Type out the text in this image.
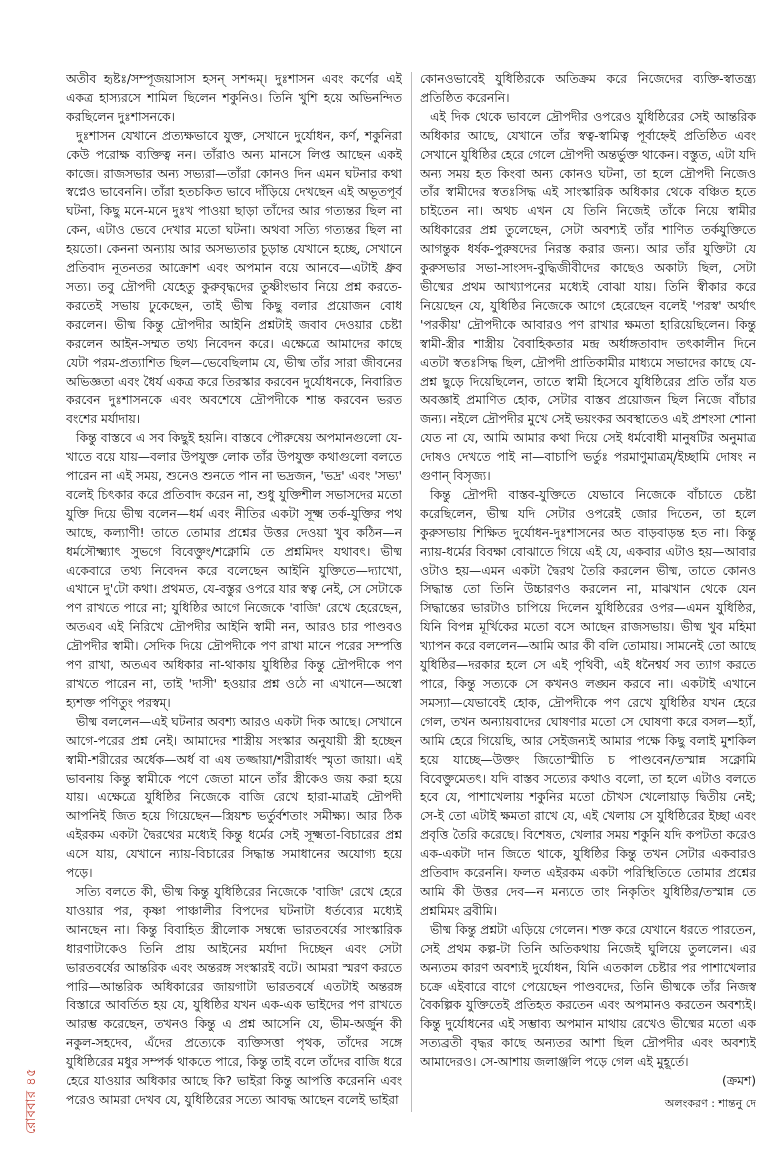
অতীব হৃষ্টঃ/সম্পূজয়াসাস হসন্ সশব্দম্। দুঃশাসন এবং কর্ণের এই একত্র হাস্যরসে শামিল ছিলেন শকুনিও। তিনি খুশি হয়ে অভিনন্দিত করছিলেন দুঃশাসনকে।

দুঃশাসন যেখানে প্রত্যক্ষভাবে যুক্ত, সেখানে দুর্যোধন, কর্ণ, শকুনিরা কেউ পরোক্ষ ব্যক্তিত্ব নন। তাঁরাও অন্য মানসে লিপ্ত আছেন একই কাজে। রাজসভার অন্য সভ্যরা—তাঁরা কোনও দিন এমন ঘটনার কথা স্বপ্নেও ভাবেননি। তাঁরা হতচকিত ভাবে দাঁড়িয়ে দেখছেন এই অভূতপূর্ব ঘটনা, কিছু মনে-মনে দুঃখ পাওয়া ছাড়া তাঁদের আর গত্যন্তর ছিল না কেন, এটাও ভেবে দেখার মতো ঘটনা। অথবা সত্যি গত্যন্তর ছিল না হয়তো। কেননা অন্যায় আর অসভ্যতার চূড়ান্ত যেখানে হচ্ছে, সেখানে প্রতিবাদ নূতনতর আক্রোশ এবং অপমান বয়ে আনবে—এটাই ধ্রুব সত্য। তবু দ্রৌপদী যেহেতু কুরুবৃদ্ধদের তুষ্ণীংভাব নিয়ে প্রশ্ন করতে-করতেই সভায় ঢুকেছেন, তাই ভীষ্ম কিছু বলার প্রয়োজন বোধ করলেন। ভীষ্ম কিন্তু দ্রৌপদীর আইনি প্রশ্নটাই জবাব দেওয়ার চেষ্টা করলেন আইন-সম্মত তথ্য নিবেদন করে। এক্ষেত্রে আমাদের কাছে যেটা পরম-প্রত্যাশিত ছিল—ভেবেছিলাম যে, ভীষ্ম তাঁর সারা জীবনের অভিজ্ঞতা এবং ধৈর্য একত্র করে তিরস্কার করবেন দুর্যোধনকে, নিবারিত করবেন দুঃশাসনকে এবং অবশেষে দ্রৌপদীকে শান্ত করবেন ভরত বংশের মর্যাদায়।

কিন্তু বাস্তবে এ সব কিছুই হয়নি। বাস্তবে পৌরুষেয় অপমানগুলো যে-খাতে বয়ে যায়—বলার উপযুক্ত লোক তাঁর উপযুক্ত কথাগুলো বলতে পারেন না এই সময়, শুনেও শুনতে পান না ভদ্রজন, 'ভদ্র' এবং 'সভ্য' বলেই চিৎকার করে প্রতিবাদ করেন না, শুধু যুক্তিশীল সভাসদের মতো যুক্তি দিয়ে ভীষ্ম বলেন—ধর্ম এবং নীতির একটা সূক্ষ্ম তর্ক-যুক্তির পথ আছে, কল্যাণী! তাতে তোমার প্রশ্নের উত্তর দেওয়া খুব কঠিন—ন ধর্মসৌক্ষ্ম্যাৎ সুভগে বিবেক্তুং/শক্নোমি তে প্রশ্নমিদং যথাবৎ। ভীষ্ম একেবারে তথ্য নিবেদন করে বলেছেন আইনি যুক্তিতে—দ্যাখো, এখানে দু'টো কথা। প্রথমত, যে-বস্তুর ওপরে যার স্বত্ব নেই, সে সেটাকে পণ রাখতে পারে না; যুধিষ্ঠির আগে নিজেকে 'বাজি' রেখে হেরেছেন, অতএব এই নিরিখে দ্রৌপদীর আইনি স্বামী নন, আরও চার পাণ্ডবও দ্রৌপদীর স্বামী। সেদিক দিয়ে দ্রৌপদীকে পণ রাখা মানে পরের সম্পত্তি পণ রাখা, অতএব অধিকার না-থাকায় যুধিষ্ঠির কিন্তু দ্রৌপদীকে পণ রাখতে পারেন না, তাই 'দাসী' হওয়ার প্রশ্ন ওঠে না এখানে—অস্বো হ্যশক্ত পণিতুং পরস্বম্।

ভীষ্ম বললেন—এই ঘটনার অবশ্য আরও একটা দিক আছে। সেখানে আগে-পরের প্রশ্ন নেই। আমাদের শাস্ত্রীয় সংস্কার অনুযায়ী স্ত্রী হচ্ছেন স্বামী-শরীরের অর্ধেক—অর্ধ বা এষ তজ্জায়া/শরীরার্ধং স্মৃতা জায়া। এই ভাবনায় কিন্তু স্বামীকে পণে জেতা মানে তাঁর স্ত্রীকেও জয় করা হয়ে যায়। এক্ষেত্রে যুধিষ্ঠির নিজেকে বাজি রেখে হারা-মাত্রই দ্রৌপদী আপনিই জিত হয়ে গিয়েছেন—স্ত্রিয়শ্চ ভর্তুর্বশতাং সমীক্ষ্য। আর ঠিক এইরকম একটা দ্বৈরথের মধ্যেই কিন্তু ধর্মের সেই সূক্ষ্মতা-বিচারের প্রশ্ন এসে যায়, যেখানে ন্যায়-বিচারের সিদ্ধান্ত সমাধানের অযোগ্য হয়ে পড়ে।

সত্যি বলতে কী, ভীষ্ম কিন্তু যুধিষ্ঠিরের নিজেকে 'বাজি' রেখে হেরে যাওয়ার পর, কৃষ্ণা পাঞ্চালীর বিপদের ঘটনাটা ধর্তব্যের মধ্যেই আনছেন না। কিন্তু বিবাহিত স্ত্রীলোক সম্বন্ধে ভারতবর্ষের সাংস্কারিক ধারণাটাকেও তিনি প্রায় আইনের মর্যাদা দিচ্ছেন এবং সেটা ভারতবর্ষের আন্তরিক এবং অন্তরঙ্গ সংস্কারই বটে। আমরা স্মরণ করতে পারি—আন্তরিক অধিকারের জায়গাটা ভারতবর্ষে এতটাই অন্তরঙ্গ বিস্তারে আবর্তিত হয় যে, যুধিষ্ঠির যখন এক-এক ভাইদের পণ রাখতে আরম্ভ করেছেন, তখনও কিন্তু এ প্রশ্ন আসেনি যে, ভীম-অর্জুন কী নকুল-সহদেব, এঁদের প্রত্যেকে ব্যক্তিসত্তা পৃথক, তাঁদের সঙ্গে যুধিষ্ঠিরের মধুর সম্পর্ক থাকতে পারে, কিন্তু তাই বলে তাঁদের বাজি ধরে হেরে যাওয়ার অধিকার আছে কি? ভাইরা কিন্তু আপত্তি করেননি এবং পরেও আমরা দেখব যে, যুধিষ্ঠিরের সত্যে আবদ্ধ আছেন বলেই ভাইরা

কোনওভাবেই যুধিষ্ঠিরকে অতিক্রম করে নিজেদের ব্যক্তি-স্বাতন্ত্র্য প্রতিষ্ঠিত করেননি।

এই দিক থেকে ভাবলে দ্রৌপদীর ওপরেও যুধিষ্ঠিরের সেই আন্তরিক অধিকার আছে, যেখানে তাঁর স্বত্ব-স্বামিত্ব পূর্বাহ্নেই প্রতিষ্ঠিত এবং সেখানে যুধিষ্ঠির হেরে গেলে দ্রৌপদী অন্তর্ভুক্ত থাকেন। বস্তুত, এটা যদি অন্য সময় হত কিংবা অন্য কোনও ঘটনা, তা হলে দ্রৌপদী নিজেও তাঁর স্বামীদের স্বতঃসিদ্ধ এই সাংস্কারিক অধিকার থেকে বঞ্চিত হতে চাইতেন না। অথচ এখন যে তিনি নিজেই তাঁকে নিয়ে স্বামীর অধিকারের প্রশ্ন তুলেছেন, সেটা অবশ্যই তাঁর শাণিত তর্কযুক্তিতে আগন্তুক ধর্ষক-পুরুষদের নিরস্ত করার জন্য। আর তাঁর যুক্তিটা যে কুরুসভার সভা-সাংসদ-বুদ্ধিজীবীদের কাছেও অকাট্য ছিল, সেটা ভীষ্মের প্রথম আখ্যাপনের মধ্যেই বোঝা যায়। তিনি স্বীকার করে নিয়েছেন যে, যুধিষ্ঠির নিজেকে আগে হেরেছেন বলেই 'পরস্ব' অর্থাৎ 'পরকীয়' দ্রৌপদীকে আবারও পণ রাখার ক্ষমতা হারিয়েছিলেন। কিন্তু স্বামী-স্ত্রীর শাস্ত্রীয় বৈবাহিকতার মন্দ্র অর্ধাঙ্গতাবাদ তৎকালীন দিনে এতটা স্বতঃসিদ্ধ ছিল, দ্রৌপদী প্রাতিকামীর মাধ্যমে সভাদের কাছে যে-প্রশ্ন ছুড়ে দিয়েছিলেন, তাতে স্বামী হিসেবে যুধিষ্ঠিরের প্রতি তাঁর যত অবজ্ঞাই প্রমাণিত হোক, সেটার বাস্তব প্রয়োজন ছিল নিজে বাঁচার জন্য। নইলে দ্রৌপদীর মুখে সেই ভয়ংকর অবস্থাতেও এই প্রশংসা শোনা যেত না যে, আমি আমার কথা দিয়ে সেই ধর্মবোধী মানুষটির অনুমাত্র দোষও দেখতে পাই না—বাচাপি ভর্তুঃ পরমাণুমাত্রম্/ইচ্ছামি দোষং ন গুণান্ বিসৃজ্য।

কিন্তু দ্রৌপদী বাস্তব-যুক্তিতে যেভাবে নিজেকে বাঁচাতে চেষ্টা করেছিলেন, ভীষ্ম যদি সেটার ওপরেই জোর দিতেন, তা হলে কুরুসভায় শিক্ষিত দুর্যোধন-দুঃশাসনের অত বাড়বাড়ন্ত হত না। কিন্তু ন্যায়-ধর্মের বিবক্ষা বোঝাতে গিয়ে এই যে, একবার এটাও হয়—আবার ওটাও হয়—এমন একটা দ্বৈরথ তৈরি করলেন ভীষ্ম, তাতে কোনও সিদ্ধান্ত তো তিনি উচ্চারণও করলেন না, মাঝখান থেকে যেন সিদ্ধান্তের ভারটাও চাপিয়ে দিলেন যুধিষ্ঠিরের ওপর—এমন যুধিষ্ঠির, যিনি বিপন্ন মূর্খিকের মতো বসে আছেন রাজসভায়। ভীষ্ম খুব মহিমা খ্যাপন করে বললেন—আমি আর কী বলি তোমায়। সামনেই তো আছে যুধিষ্ঠির—দরকার হলে সে এই পৃথিবী, এই ধনৈশ্বর্য সব ত্যাগ করতে পারে, কিন্তু সত্যকে সে কখনও লঙ্ঘন করবে না। একটাই এখানে সমস্যা—যেভাবেই হোক, দ্রৌপদীকে পণ রেখে যুধিষ্ঠির যখন হেরে গেল, তখন অন্যায়বাদের ঘোষণার মতো সে ঘোষণা করে বসল—হ্যাঁ, আমি হেরে গিয়েছি, আর সেইজন্যই আমার পক্ষে কিছু বলাই মুশকিল হয়ে যাচ্ছে—উক্তং জিতোস্মীতি চ পাণ্ডবেন/তস্মান্ন সক্নোমি বিবেক্তুমেতৎ। যদি বাস্তব সত্যের কথাও বলো, তা হলে এটাও বলতে হবে যে, পাশাখেলায় শকুনির মতো চৌখস খেলোয়াড় দ্বিতীয় নেই; সে-ই তো এটাই ক্ষমতা রাখে যে, এই খেলায় সে যুধিষ্ঠিরের ইচ্ছা এবং প্রবৃত্তি তৈরি করেছে। বিশেষত, খেলার সময় শকুনি যদি কপটতা করেও এক-একটা দান জিতে থাকে, যুধিষ্ঠির কিন্তু তখন সেটার একবারও প্রতিবাদ করেননি। ফলত এইরকম একটা পরিস্থিতিতে তোমার প্রশ্নের আমি কী উত্তর দেব—ন মন্যতে তাং নিকৃতিং যুধিষ্ঠির/তস্মান্ন তে প্রশ্নমিমং ব্রবীমি।

ভীষ্ম কিন্তু প্রশ্নটা এড়িয়ে গেলেন। শক্ত করে যেখানে ধরতে পারতেন, সেই প্রথম কল্প-টা তিনি অতিকথায় নিজেই ঘুলিয়ে তুললেন। এর অন্যতম কারণ অবশ্যই দুর্যোধন, যিনি এতকাল চেষ্টার পর পাশাখেলার চক্রে এইবারে বাগে পেয়েছেন পাণ্ডবদের, তিনি ভীষ্মকে তাঁর নিজস্ব বৈকল্পিক যুক্তিতেই প্রতিহত করতেন এবং অপমানও করতেন অবশ্যই। কিন্তু দুর্যোধনের এই সম্ভাব্য অপমান মাথায় রেখেও ভীষ্মের মতো এক সত্যব্রতী বৃদ্ধর কাছে অন্যতর আশা ছিল দ্রৌপদীর এবং অবশ্যই আমাদেরও। সে-আশায় জলাঞ্জলি পড়ে গেল এই মুহূর্তে।

(ক্রমশ)

অলংকরণ : শান্তনু দে

রোববার ৪৫
